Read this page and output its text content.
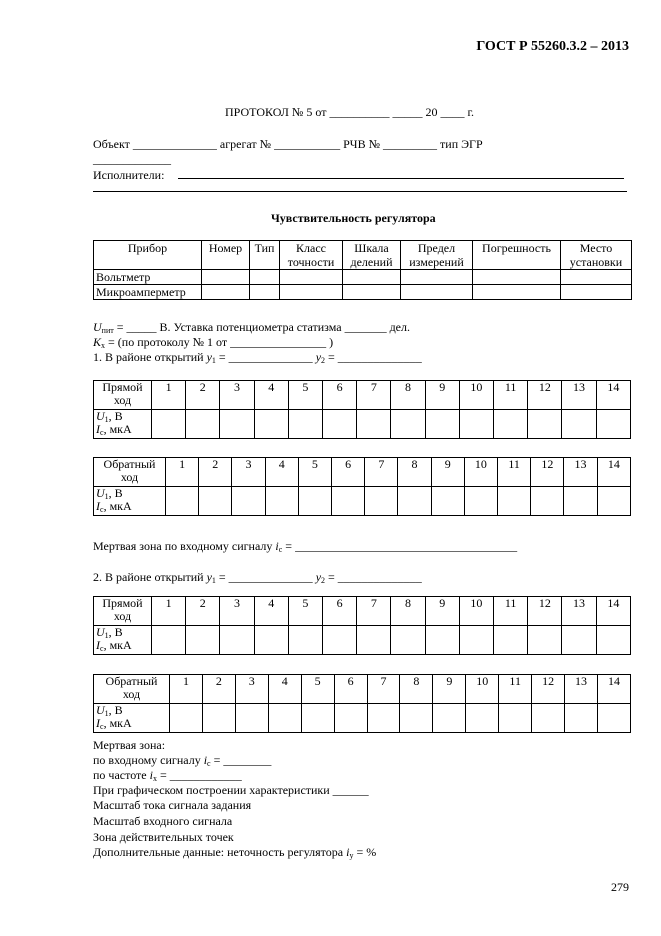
ГОСТ Р 55260.3.2 – 2013
ПРОТОКОЛ № 5 от __________ _____ 20 ____ г.
Объект ______________ агрегат № ___________ РЧВ № _________ тип ЭГР
_____________
Исполнители:
Чувствительность регулятора
Прибор	Номер	Тип	Класс точности	Шкала делений	Предел измерений	Погрешность	Место установки
Вольтметр							
Микроамперметр							
$U_{пит}$ = _____ В. Уставка потенциометра статизма _______ дел.
$K_x = (по$ протоколу № 1 от ________________ )
1. В районе открытий $y_1$ = ______________ $y_2$ = ______________
Прямой ход	1	2	3	4	5	6	7	8	9	10	11	12	13	14
$U_1$, В
$I_с$, мкА														
Обратный ход	1	2	3	4	5	6	7	8	9	10	11	12	13	14
$U_1$, В
$I_с$, мкА														
Мертвая зона по входному сигналу $i_с$ = _____________________________________
2. В районе открытий $y_1$ = ______________ $y_2$ = ______________
Прямой ход	1	2	3	4	5	6	7	8	9	10	11	12	13	14
$U_1$, В
$I_с$, мкА														
Обратный ход	1	2	3	4	5	6	7	8	9	10	11	12	13	14
$U_1$, В
$I_с$, мкА														
Мертвая зона:
по входному сигналу $i_с$ = ________
по частоте $i_x$ = ____________
При графическом построении характеристики ______
Масштаб тока сигнала задания
Масштаб входного сигнала
Зона действительных точек
Дополнительные данные: неточность регулятора $i_y$ = %
279
